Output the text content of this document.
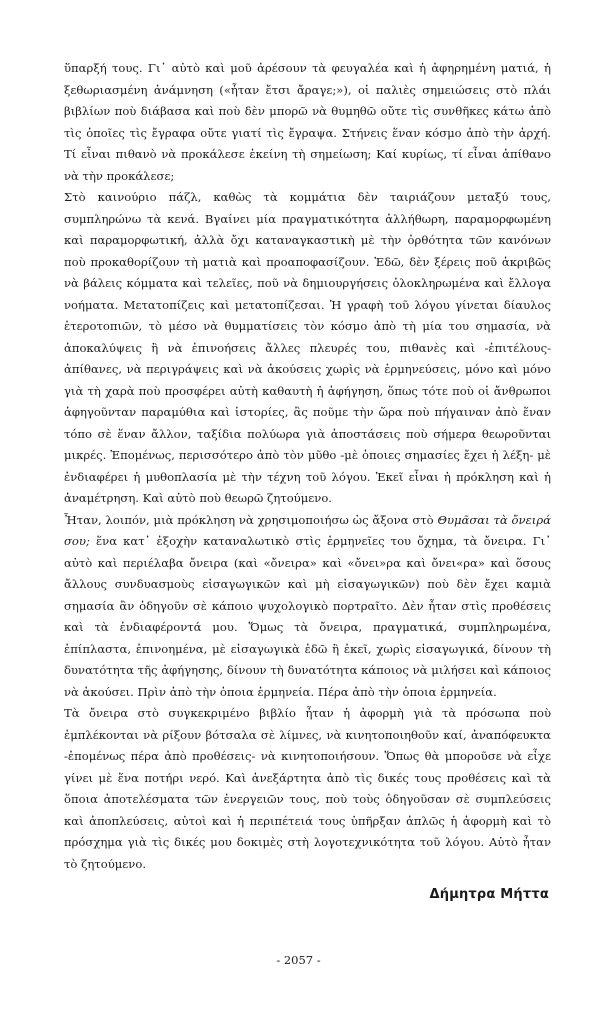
ὕπαρξή τους. Γι᾿ αὐτὸ καὶ μοῦ ἀρέσουν τὰ φευγαλέα καὶ ἡ ἀφηρημένη ματιά, ἡ ξεθωριασμένη ἀνάμνηση («ἦταν ἔτσι ἄραγε;»), οἱ παλιὲς σημειώσεις στὸ πλάι βιβλίων ποὺ διάβασα καὶ ποὺ δὲν μπορῶ νὰ θυμηθῶ οὔτε τὶς συνθῆκες κάτω ἀπὸ τὶς ὁποῖες τὶς ἔγραφα οὔτε γιατί τὶς ἔγραψα. Στήνεις ἕναν κόσμο ἀπὸ τὴν ἀρχή. Τί εἶναι πιθανὸ νὰ προκάλεσε ἐκείνη τὴ σημείωση; Καί κυρίως, τί εἶναι ἀπίθανο νὰ τὴν προκάλεσε;

Στὸ καινούριο πάζλ, καθὼς τὰ κομμάτια δὲν ταιριάζουν μεταξύ τους, συμπληρώνω τὰ κενά. Βγαίνει μία πραγματικότητα ἀλλήθωρη, παραμορφωμένη καὶ παραμορφωτική, ἀλλὰ ὄχι καταναγκαστικὴ μὲ τὴν ὀρθότητα τῶν κανόνων ποὺ προκαθορίζουν τὴ ματιὰ καὶ προαποφασίζουν. Ἐδῶ, δὲν ξέρεις ποῦ ἀκριβῶς νὰ βάλεις κόμματα καὶ τελεῖες, ποῦ νὰ δημιουργήσεις ὁλοκληρωμένα καὶ ἔλλογα νοήματα. Μετατοπίζεις καὶ μετατοπίζεσαι. Ἡ γραφὴ τοῦ λόγου γίνεται δίαυλος ἑτεροτοπιῶν, τὸ μέσο νὰ θυμματίσεις τὸν κόσμο ἀπὸ τὴ μία του σημασία, νὰ ἀποκαλύψεις ἢ νὰ ἐπινοήσεις ἄλλες πλευρές του, πιθανὲς καὶ -ἐπιτέλους- ἀπίθανες, νὰ περιγράψεις καὶ νὰ ἀκούσεις χωρὶς νὰ ἑρμηνεύσεις, μόνο καὶ μόνο γιὰ τὴ χαρὰ ποὺ προσφέρει αὐτὴ καθαυτὴ ἡ ἀφήγηση, ὅπως τότε ποὺ οἱ ἄνθρωποι ἀφηγοῦνταν παραμύθια καὶ ἱστορίες, ἂς ποῦμε τὴν ὥρα ποὺ πήγαιναν ἀπὸ ἕναν τόπο σὲ ἕναν ἄλλον, ταξίδια πολύωρα γιὰ ἀποστάσεις ποὺ σήμερα θεωροῦνται μικρές. Ἑπομένως, περισσότερο ἀπὸ τὸν μῦθο -μὲ ὁποιες σημασίες ἔχει ἡ λέξη- μὲ ἐνδιαφέρει ἡ μυθοπλασία μὲ τὴν τέχνη τοῦ λόγου. Ἐκεῖ εἶναι ἡ πρόκληση καὶ ἡ ἀναμέτρηση. Καὶ αὐτὸ ποὺ θεωρῶ ζητούμενο.

Ἦταν, λοιπόν, μιὰ πρόκληση νὰ χρησιμοποιήσω ὡς ἄξονα στὸ Θυμᾶσαι τὰ ὄνειρά σου; ἕνα κατ᾿ ἐξοχὴν καταναλωτικὸ στὶς ἑρμηνεῖες του ὄχημα, τὰ ὄνειρα. Γι᾿ αὐτὸ καὶ περιέλαβα ὄνειρα (καὶ «ὄνειρα» καὶ «ὄνει»ρα καὶ ὄνει«ρα» καὶ ὅσους ἄλλους συνδυασμοὺς εἰσαγωγικῶν καὶ μὴ εἰσαγωγικῶν) ποὺ δὲν ἔχει καμιὰ σημασία ἂν ὁδηγοῦν σὲ κάποιο ψυχολογικὸ πορτραῖτο. Δὲν ἦταν στὶς προθέσεις καὶ τὰ ἐνδιαφέροντά μου. Ὅμως τὰ ὄνειρα, πραγματικά, συμπληρωμένα, ἐπίπλαστα, ἐπινοημένα, μὲ εἰσαγωγικὰ ἐδῶ ἢ ἐκεῖ, χωρὶς εἰσαγωγικά, δίνουν τὴ δυνατότητα τῆς ἀφήγησης, δίνουν τὴ δυνατότητα κάποιος νὰ μιλήσει καὶ κάποιος νὰ ἀκούσει. Πρὶν ἀπὸ τὴν ὁποια ἑρμηνεία. Πέρα ἀπὸ τὴν ὁποια ἑρμηνεία.

Τὰ ὄνειρα στὸ συγκεκριμένο βιβλίο ἦταν ἡ ἀφορμὴ γιὰ τὰ πρόσωπα ποὺ ἐμπλέκονται νὰ ρίξουν βότσαλα σὲ λίμνες, νὰ κινητοποιηθοῦν καί, ἀναπόφευκτα -ἐπομένως πέρα ἀπὸ προθέσεις- νὰ κινητοποιήσουν. Ὅπως θὰ μποροῦσε νὰ εἶχε γίνει μὲ ἕνα ποτήρι νερό. Καὶ ἀνεξάρτητα ἀπὸ τὶς δικές τους προθέσεις καὶ τὰ ὅποια ἀποτελέσματα τῶν ἐνεργειῶν τους, ποὺ τοὺς ὁδηγοῦσαν σὲ συμπλεύσεις καὶ ἀποπλεύσεις, αὐτοὶ καὶ ἡ περιπέτειά τους ὑπῆρξαν ἁπλῶς ἡ ἀφορμὴ καὶ τὸ πρόσχημα γιὰ τὶς δικές μου δοκιμὲς στὴ λογοτεχνικότητα τοῦ λόγου. Αὐτὸ ἦταν τὸ ζητούμενο.

Δήμητρα Μήττα
- 2057 -
